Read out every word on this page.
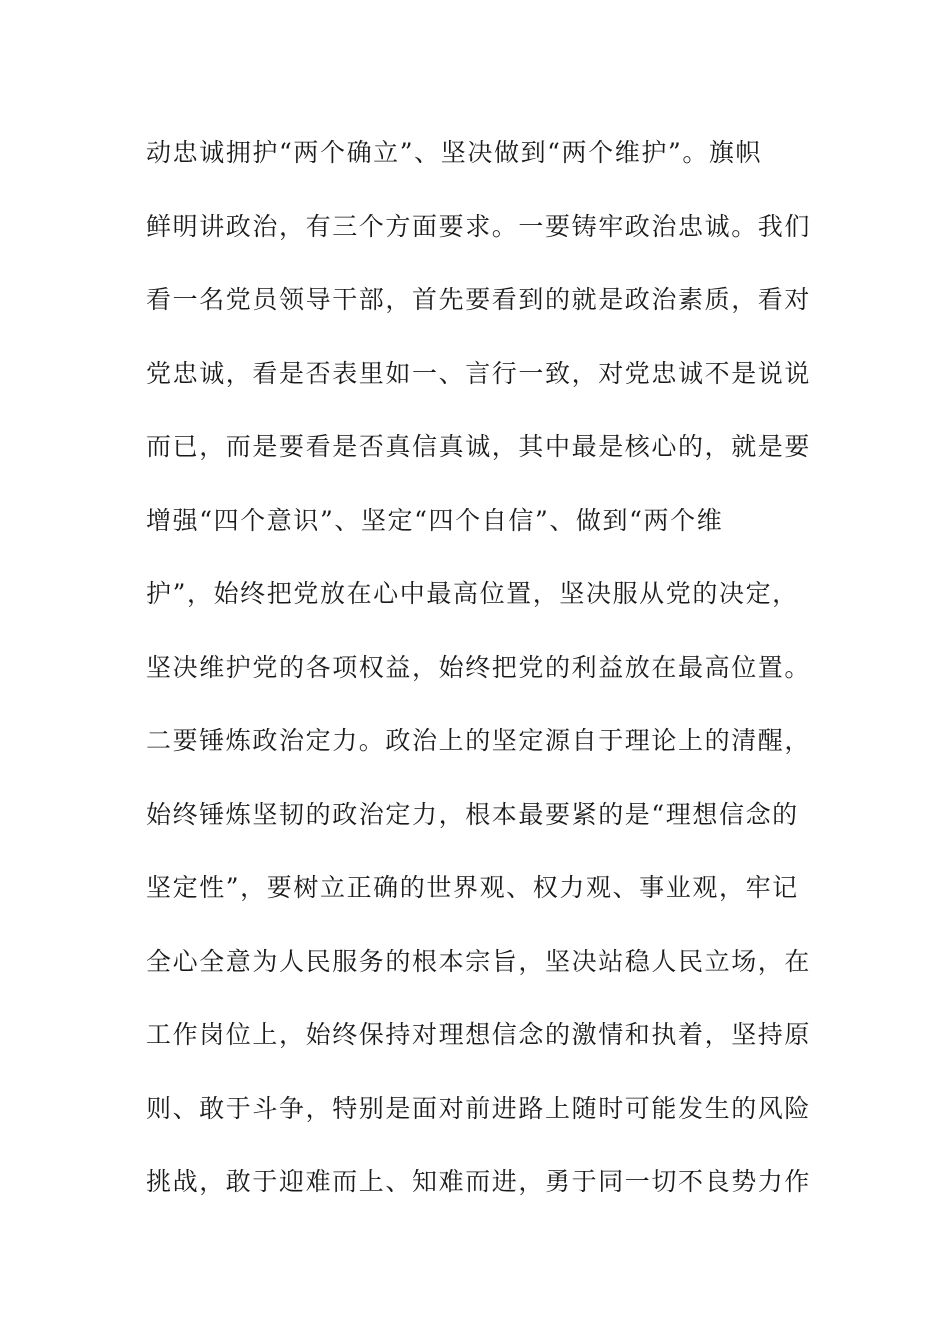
动忠诚拥护“两个确立”、坚决做到“两个维护”。旗帜
鲜明讲政治，有三个方面要求。一要铸牢政治忠诚。我们
看一名党员领导干部，首先要看到的就是政治素质，看对
党忠诚，看是否表里如一、言行一致，对党忠诚不是说说
而已，而是要看是否真信真诚，其中最是核心的，就是要
增强“四个意识”、坚定“四个自信”、做到“两个维
护”，始终把党放在心中最高位置，坚决服从党的决定，
坚决维护党的各项权益，始终把党的利益放在最高位置。
二要锤炼政治定力。政治上的坚定源自于理论上的清醒，
始终锤炼坚韧的政治定力，根本最要紧的是“理想信念的
坚定性”，要树立正确的世界观、权力观、事业观，牢记
全心全意为人民服务的根本宗旨，坚决站稳人民立场，在
工作岗位上，始终保持对理想信念的激情和执着，坚持原
则、敢于斗争，特别是面对前进路上随时可能发生的风险
挑战，敢于迎难而上、知难而进，勇于同一切不良势力作
